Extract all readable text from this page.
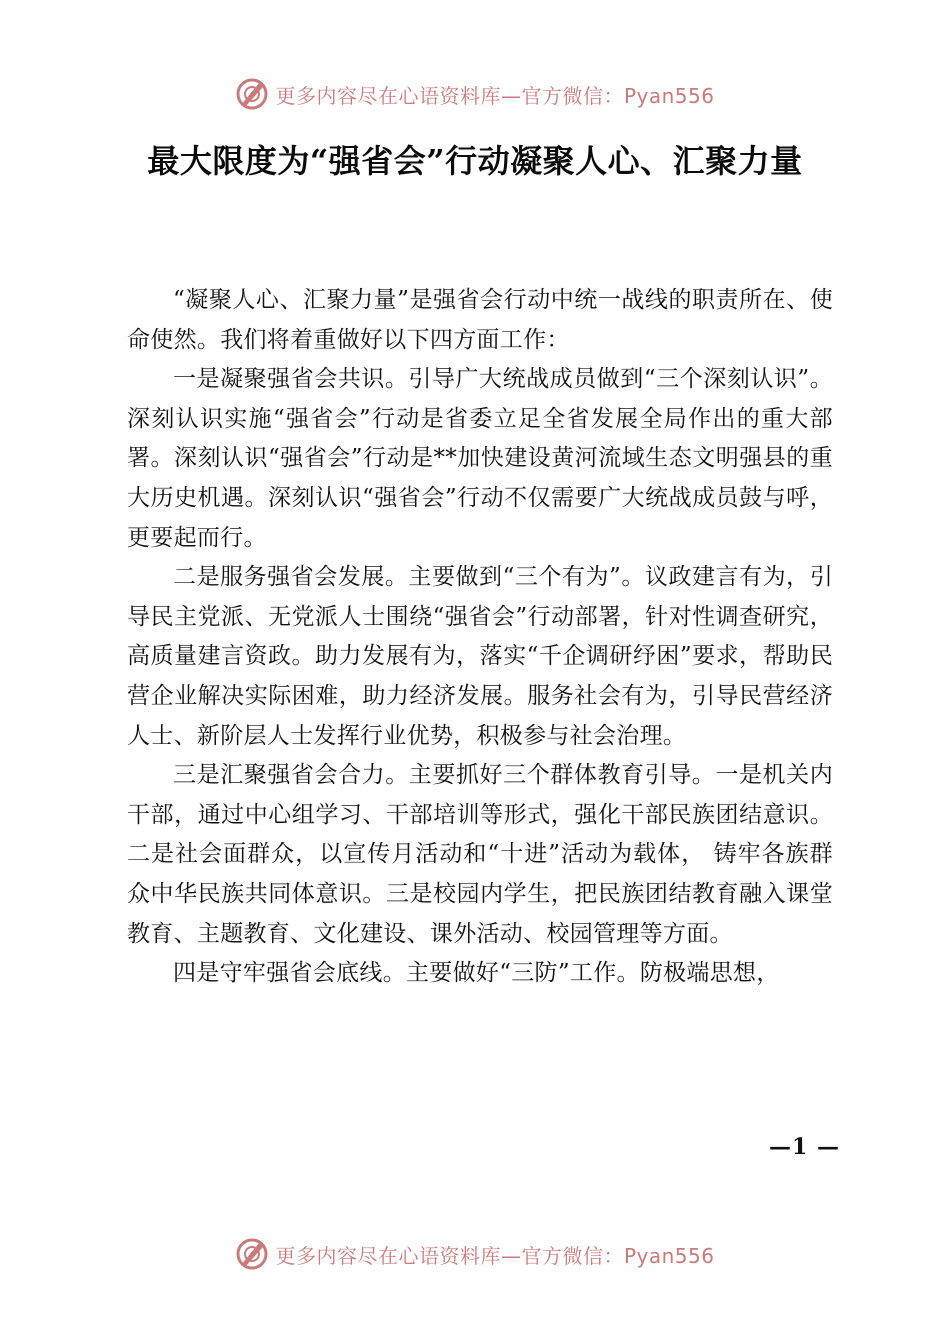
更多内容尽在心语资料库—官方微信：Pyan556
最大限度为“强省会”行动凝聚人心、汇聚力量

“凝聚人心、汇聚力量”是强省会行动中统一战线的职责所在、使命使然。我们将着重做好以下四方面工作：

一是凝聚强省会共识。引导广大统战成员做到“三个深刻认识”。深刻认识实施“强省会”行动是省委立足全省发展全局作出的重大部署。深刻认识“强省会”行动是**加快建设黄河流域生态文明强县的重大历史机遇。深刻认识“强省会”行动不仅需要广大统战成员鼓与呼，更要起而行。

二是服务强省会发展。主要做到“三个有为”。议政建言有为，引导民主党派、无党派人士围绕“强省会”行动部署，针对性调查研究，高质量建言资政。助力发展有为，落实“千企调研纾困”要求，帮助民营企业解决实际困难，助力经济发展。服务社会有为，引导民营经济人士、新阶层人士发挥行业优势，积极参与社会治理。

三是汇聚强省会合力。主要抓好三个群体教育引导。一是机关内干部，通过中心组学习、干部培训等形式，强化干部民族团结意识。二是社会面群众，以宣传月活动和“十进”活动为载体， 铸牢各族群众中华民族共同体意识。三是校园内学生，把民族团结教育融入课堂教育、主题教育、文化建设、课外活动、校园管理等方面。

四是守牢强省会底线。主要做好“三防”工作。防极端思想，

—1 —
更多内容尽在心语资料库—官方微信：Pyan556
